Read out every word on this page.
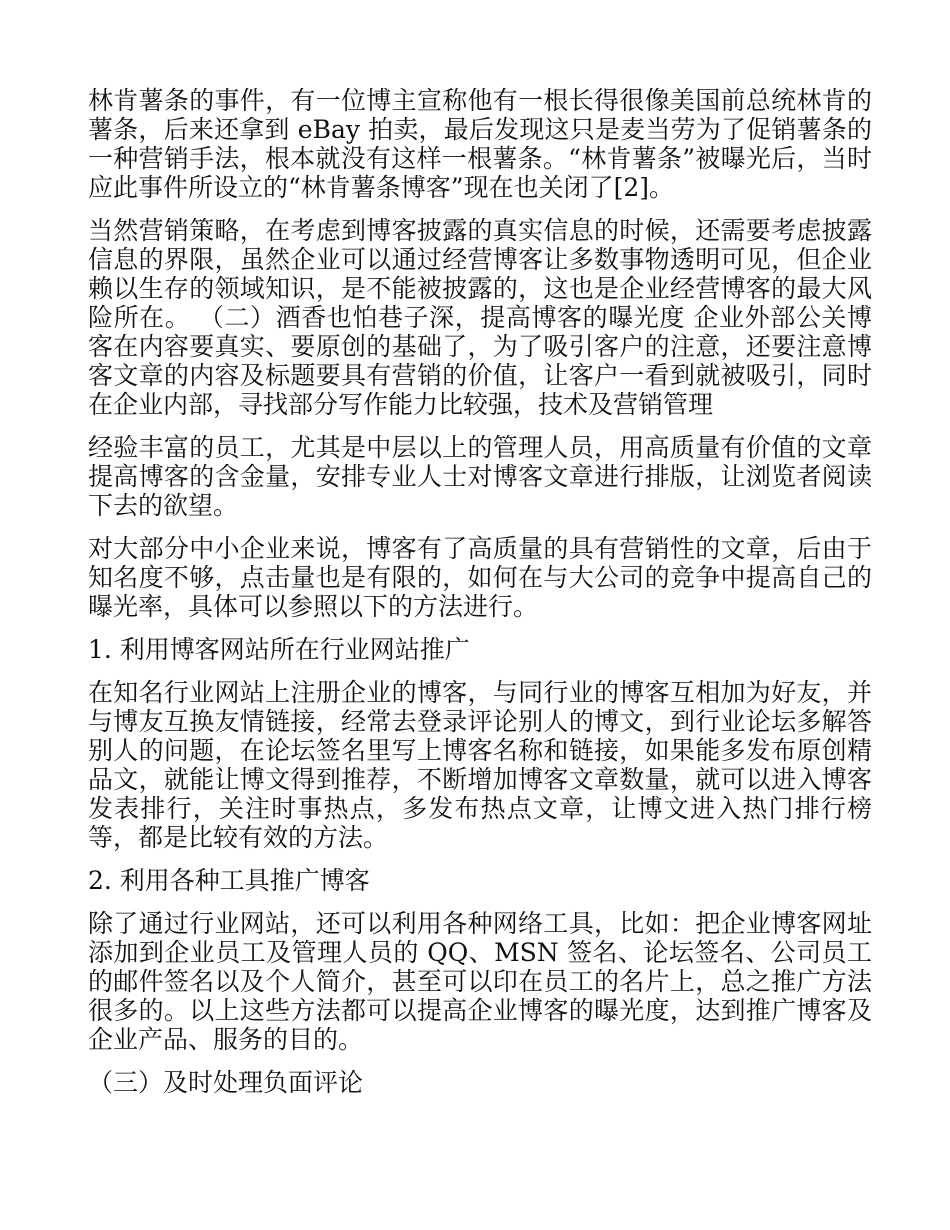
林肯薯条的事件，有一位博主宣称他有一根长得很像美国前总统林肯的薯条，后来还拿到 eBay 拍卖，最后发现这只是麦当劳为了促销薯条的一种营销手法，根本就没有这样一根薯条。“林肯薯条”被曝光后，当时应此事件所设立的“林肯薯条博客”现在也关闭了[2]。

当然营销策略，在考虑到博客披露的真实信息的时候，还需要考虑披露信息的界限，虽然企业可以通过经营博客让多数事物透明可见，但企业赖以生存的领域知识，是不能被披露的，这也是企业经营博客的最大风险所在。 （二）酒香也怕巷子深，提高博客的曝光度 企业外部公关博客在内容要真实、要原创的基础了，为了吸引客户的注意，还要注意博客文章的内容及标题要具有营销的价值，让客户一看到就被吸引，同时在企业内部，寻找部分写作能力比较强，技术及营销管理

经验丰富的员工，尤其是中层以上的管理人员，用高质量有价值的文章提高博客的含金量，安排专业人士对博客文章进行排版，让浏览者阅读下去的欲望。

对大部分中小企业来说，博客有了高质量的具有营销性的文章，后由于知名度不够，点击量也是有限的，如何在与大公司的竞争中提高自己的曝光率，具体可以参照以下的方法进行。

1. 利用博客网站所在行业网站推广

在知名行业网站上注册企业的博客，与同行业的博客互相加为好友，并与博友互换友情链接，经常去登录评论别人的博文，到行业论坛多解答别人的问题，在论坛签名里写上博客名称和链接，如果能多发布原创精品文，就能让博文得到推荐，不断增加博客文章数量，就可以进入博客发表排行，关注时事热点，多发布热点文章，让博文进入热门排行榜等，都是比较有效的方法。

2. 利用各种工具推广博客

除了通过行业网站，还可以利用各种网络工具，比如：把企业博客网址添加到企业员工及管理人员的 QQ、MSN 签名、论坛签名、公司员工的邮件签名以及个人简介，甚至可以印在员工的名片上，总之推广方法很多的。以上这些方法都可以提高企业博客的曝光度，达到推广博客及企业产品、服务的目的。

（三）及时处理负面评论
